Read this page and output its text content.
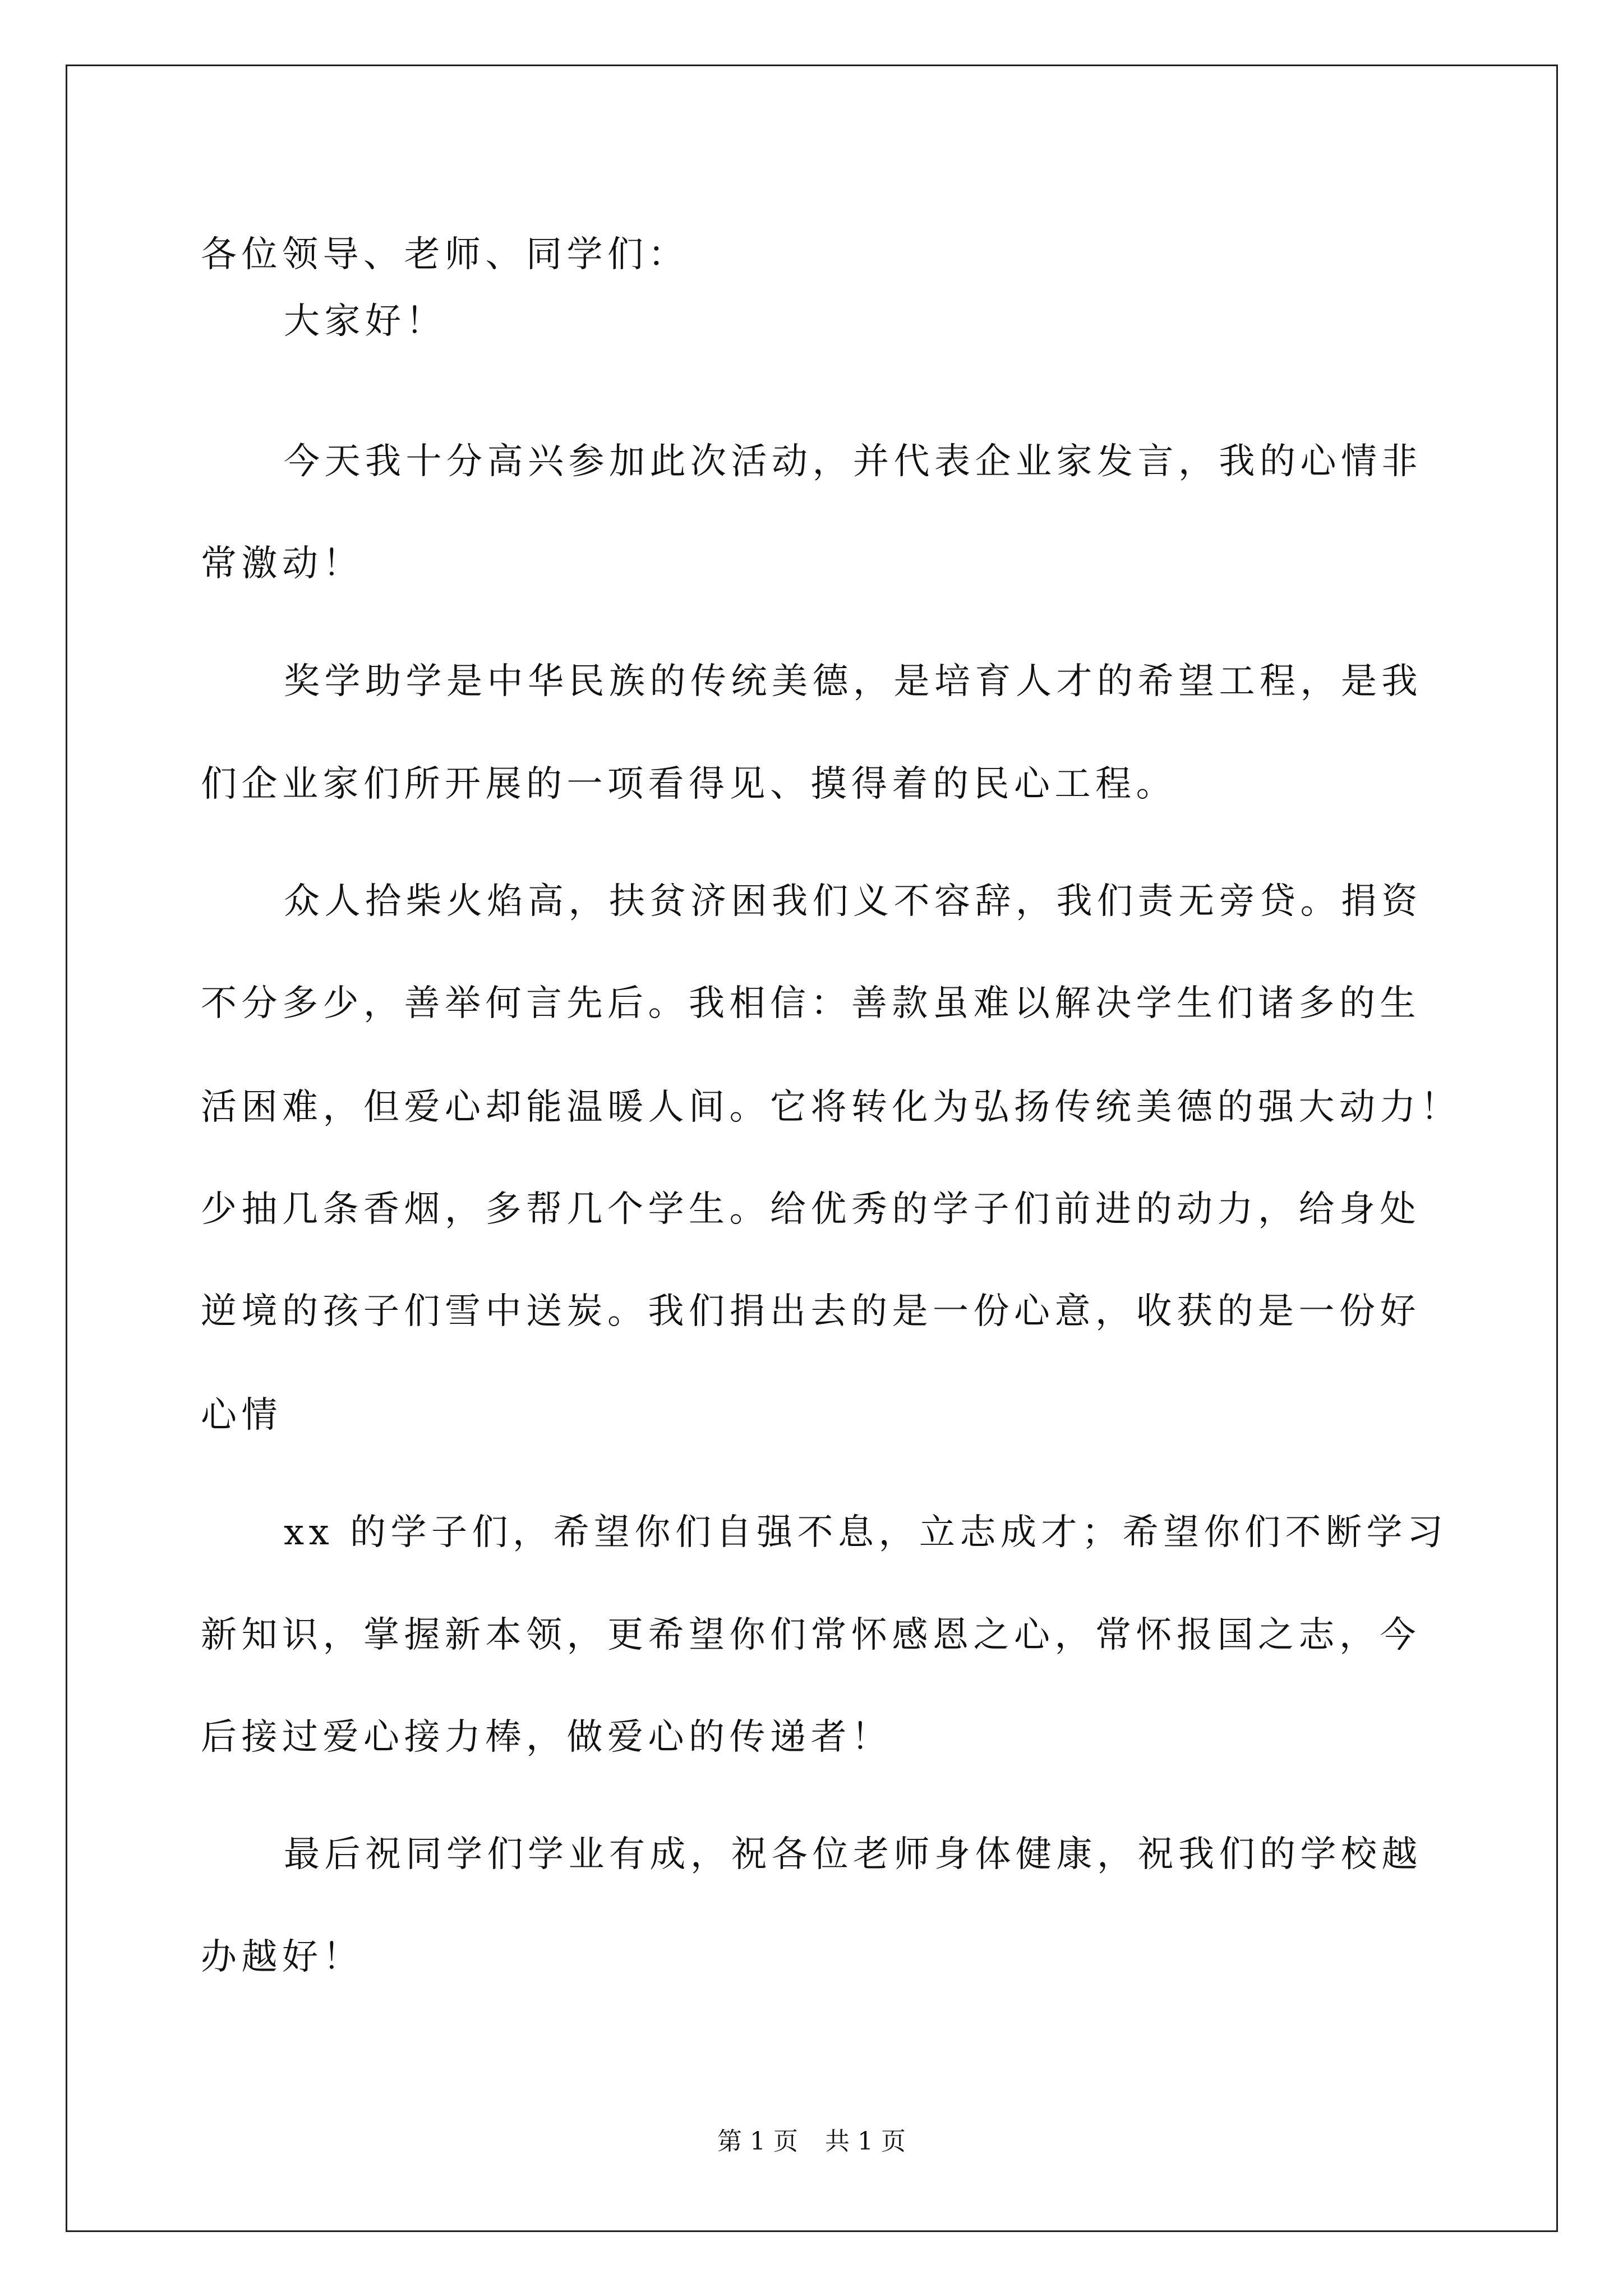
各位领导、老师、同学们：
大家好！
今天我十分高兴参加此次活动，并代表企业家发言，我的心情非
常激动！
奖学助学是中华民族的传统美德，是培育人才的希望工程，是我
们企业家们所开展的一项看得见、摸得着的民心工程。
众人拾柴火焰高，扶贫济困我们义不容辞，我们责无旁贷。捐资
不分多少，善举何言先后。我相信：善款虽难以解决学生们诸多的生
活困难，但爱心却能温暖人间。它将转化为弘扬传统美德的强大动力！
少抽几条香烟，多帮几个学生。给优秀的学子们前进的动力，给身处
逆境的孩子们雪中送炭。我们捐出去的是一份心意，收获的是一份好
心情
xx 的学子们，希望你们自强不息，立志成才；希望你们不断学习
新知识，掌握新本领，更希望你们常怀感恩之心，常怀报国之志，今
后接过爱心接力棒，做爱心的传递者！
最后祝同学们学业有成，祝各位老师身体健康，祝我们的学校越
办越好！
第 1 页 共 1 页
